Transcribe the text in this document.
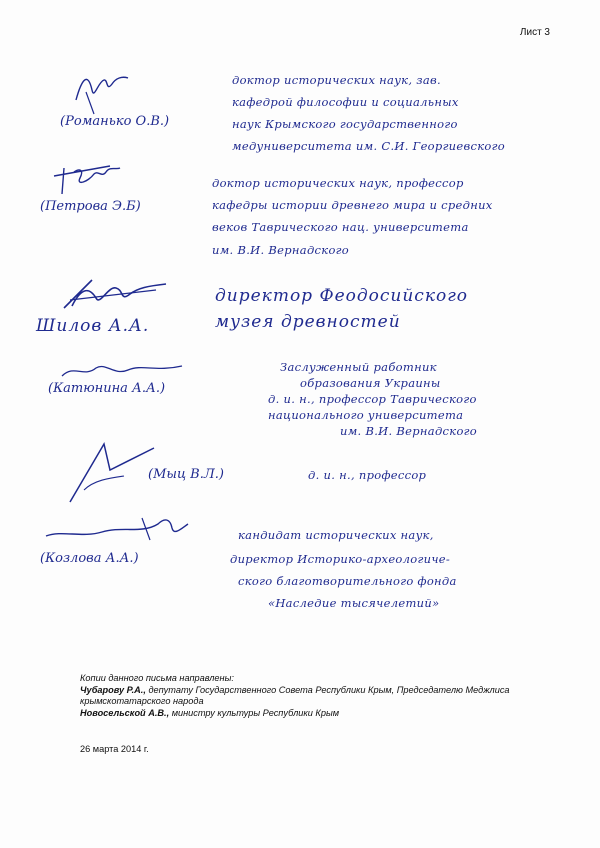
Лист 3
(Романько О.В.)
доктор исторических наук, зав.
кафедрой философии и социальных
наук Крымского государственного
медуниверситета им. С.И. Георгиевского
(Петрова Э.Б)
доктор исторических наук, профессор
кафедры истории древнего мира и средних
веков Таврического нац. университета
им. В.И. Вернадского
Шилов А.А.
директор Феодосийского
музея древностей
(Катюнина А.А.)
Заслуженный работник
образования Украины
д. и. н., профессор Таврического
национального университета
им. В.И. Вернадского
(Мыц В.Л.)	д. и. н., профессор
(Козлова А.А.)
кандидат исторических наук,
директор Историко-археологиче-
ского благотворительного фонда
«Наследие тысячелетий»
Копии данного письма направлены:
Чубарову Р.А., депутату Государственного Совета Республики Крым, Председателю Меджлиса
крымскотатарского народа
Новосельской А.В., министру культуры Республики Крым
26 марта 2014 г.
